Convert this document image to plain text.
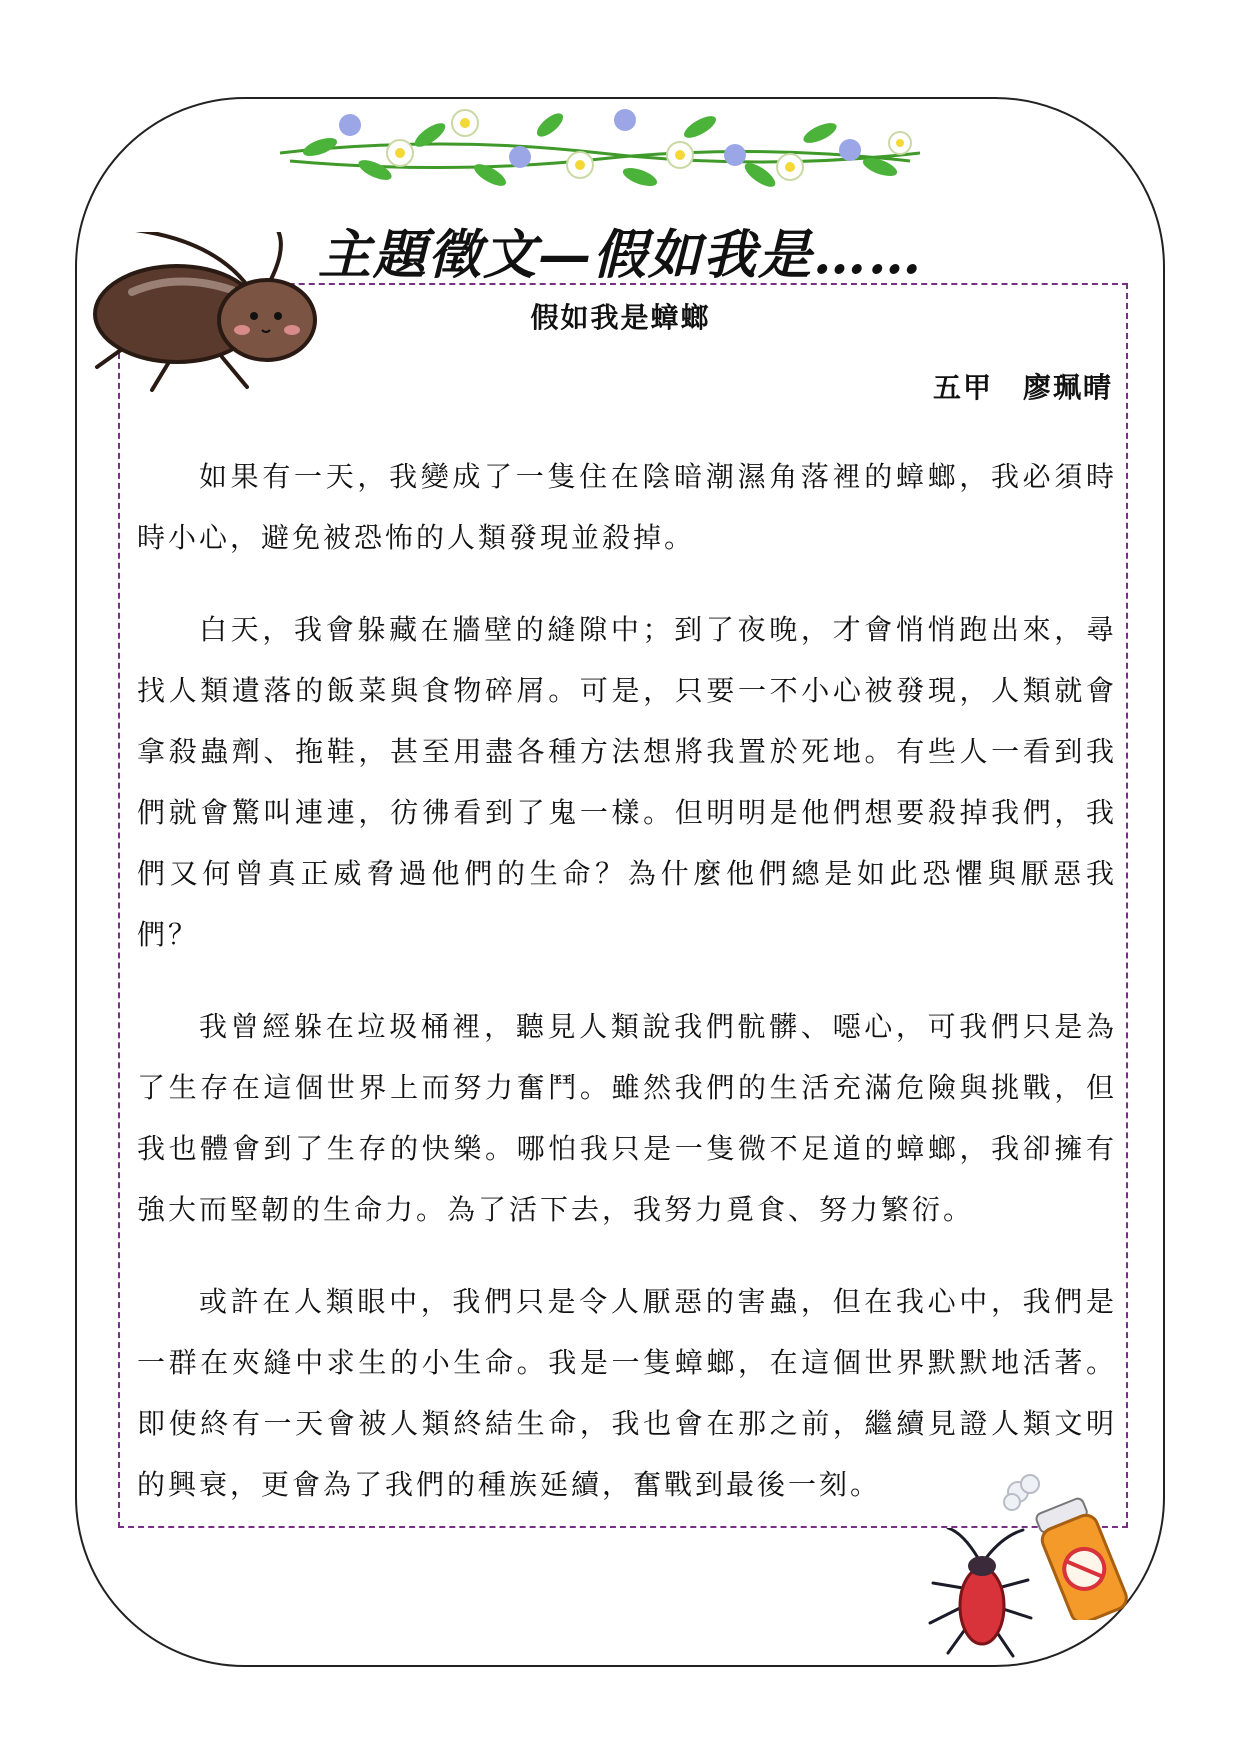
主題徵文—假如我是……
假如我是蟑螂
五甲　廖珮晴

如果有一天，我變成了一隻住在陰暗潮濕角落裡的蟑螂，我必須時時小心，避免被恐怖的人類發現並殺掉。

白天，我會躲藏在牆壁的縫隙中；到了夜晚，才會悄悄跑出來，尋找人類遺落的飯菜與食物碎屑。可是，只要一不小心被發現，人類就會拿殺蟲劑、拖鞋，甚至用盡各種方法想將我置於死地。有些人一看到我們就會驚叫連連，彷彿看到了鬼一樣。但明明是他們想要殺掉我們，我們又何曾真正威脅過他們的生命？為什麼他們總是如此恐懼與厭惡我們？

我曾經躲在垃圾桶裡，聽見人類說我們骯髒、噁心，可我們只是為了生存在這個世界上而努力奮鬥。雖然我們的生活充滿危險與挑戰，但我也體會到了生存的快樂。哪怕我只是一隻微不足道的蟑螂，我卻擁有強大而堅韌的生命力。為了活下去，我努力覓食、努力繁衍。

或許在人類眼中，我們只是令人厭惡的害蟲，但在我心中，我們是一群在夾縫中求生的小生命。我是一隻蟑螂，在這個世界默默地活著。即使終有一天會被人類終結生命，我也會在那之前，繼續見證人類文明的興衰，更會為了我們的種族延續，奮戰到最後一刻。
